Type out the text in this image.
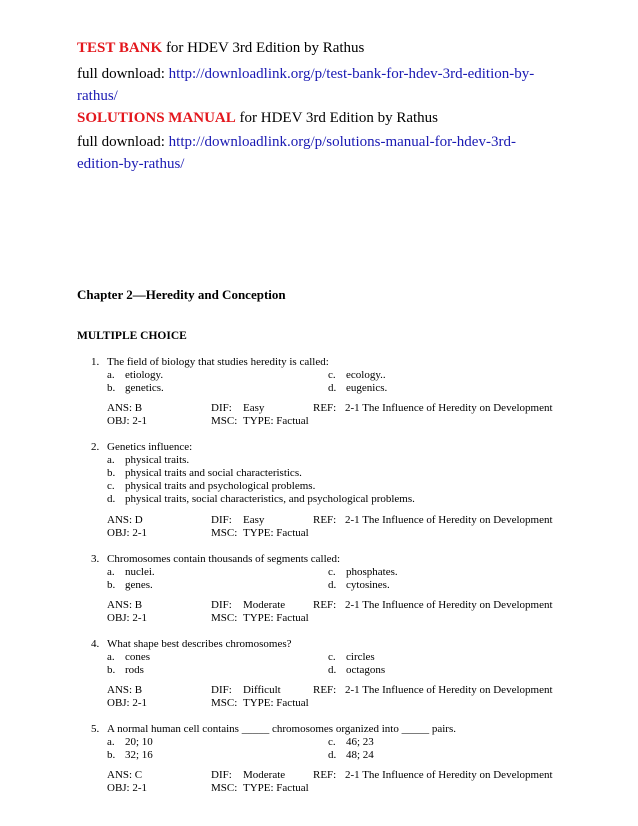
TEST BANK for HDEV 3rd Edition by Rathus
full download: http://downloadlink.org/p/test-bank-for-hdev-3rd-edition-by-
rathus/
SOLUTIONS MANUAL for HDEV 3rd Edition by Rathus
full download: http://downloadlink.org/p/solutions-manual-for-hdev-3rd-
edition-by-rathus/
Chapter 2—Heredity and Conception
MULTIPLE CHOICE
1. The field of biology that studies heredity is called:
a. etiology.	c. ecology..
b. genetics.	d. eugenics.
ANS: B	DIF: Easy	REF: 2-1 The Influence of Heredity on Development
OBJ: 2-1	MSC: TYPE: Factual
2. Genetics influence:
a. physical traits.
b. physical traits and social characteristics.
c. physical traits and psychological problems.
d. physical traits, social characteristics, and psychological problems.
ANS: D	DIF: Easy	REF: 2-1 The Influence of Heredity on Development
OBJ: 2-1	MSC: TYPE: Factual
3. Chromosomes contain thousands of segments called:
a. nuclei.	c. phosphates.
b. genes.	d. cytosines.
ANS: B	DIF: Moderate	REF: 2-1 The Influence of Heredity on Development
OBJ: 2-1	MSC: TYPE: Factual
4. What shape best describes chromosomes?
a. cones	c. circles
b. rods	d. octagons
ANS: B	DIF: Difficult	REF: 2-1 The Influence of Heredity on Development
OBJ: 2-1	MSC: TYPE: Factual
5. A normal human cell contains _____ chromosomes organized into _____ pairs.
a. 20; 10	c. 46; 23
b. 32; 16	d. 48; 24
ANS: C	DIF: Moderate	REF: 2-1 The Influence of Heredity on Development
OBJ: 2-1	MSC: TYPE: Factual
